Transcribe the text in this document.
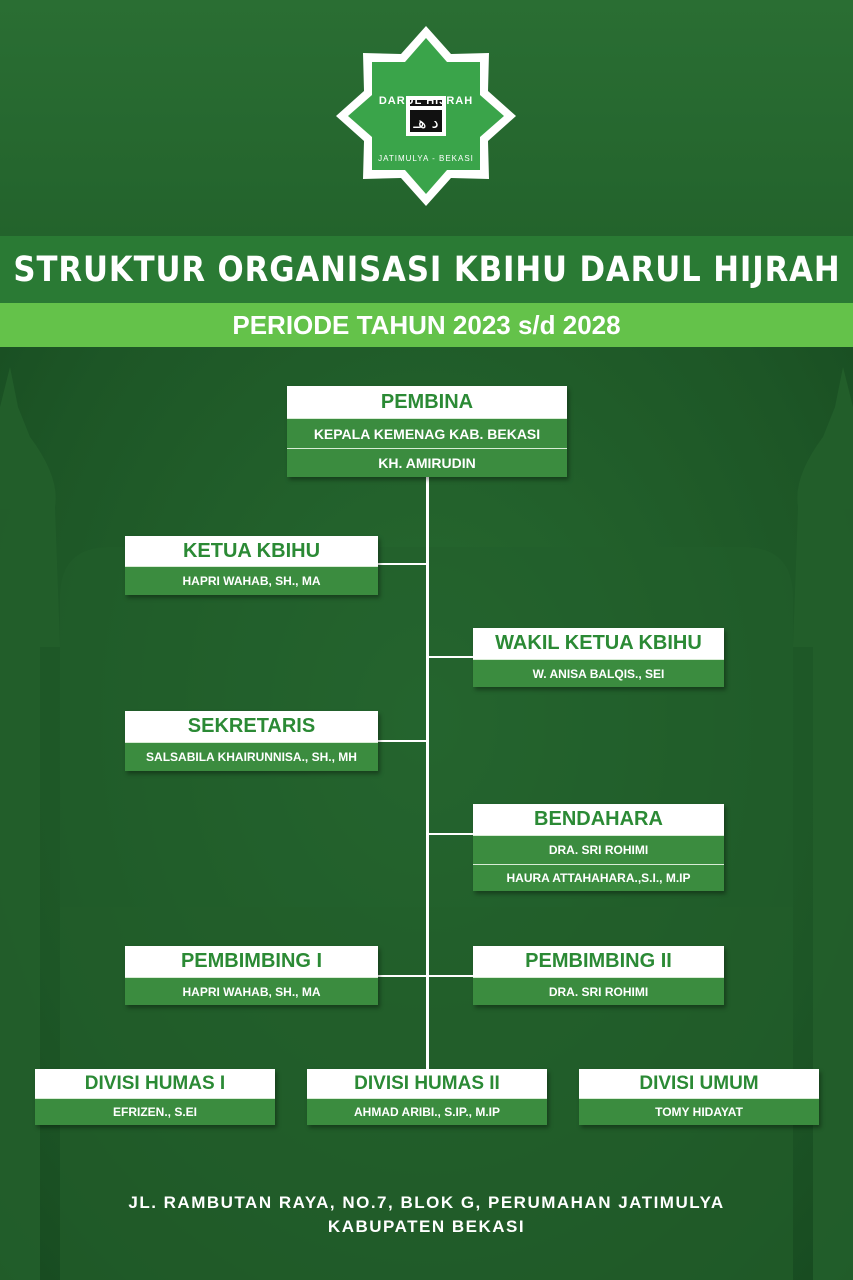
د هـ
DARUL HIJRAH
JATIMULYA - BEKASI
STRUKTUR ORGANISASI KBIHU DARUL HIJRAH
PERIODE TAHUN 2023 s/d 2028
PEMBINA
KEPALA KEMENAG KAB. BEKASI
KH. AMIRUDIN
KETUA KBIHU
HAPRI WAHAB, SH., MA
WAKIL KETUA KBIHU
W. ANISA BALQIS., SEI
SEKRETARIS
SALSABILA KHAIRUNNISA., SH., MH
BENDAHARA
DRA. SRI ROHIMI
HAURA ATTAHAHARA.,S.I., M.IP
PEMBIMBING I
HAPRI WAHAB, SH., MA
PEMBIMBING II
DRA. SRI ROHIMI
DIVISI HUMAS I
EFRIZEN., S.EI
DIVISI HUMAS II
AHMAD ARIBI., S.IP., M.IP
DIVISI UMUM
TOMY HIDAYAT
JL. RAMBUTAN RAYA, NO.7, BLOK G, PERUMAHAN JATIMULYA
KABUPATEN BEKASI
